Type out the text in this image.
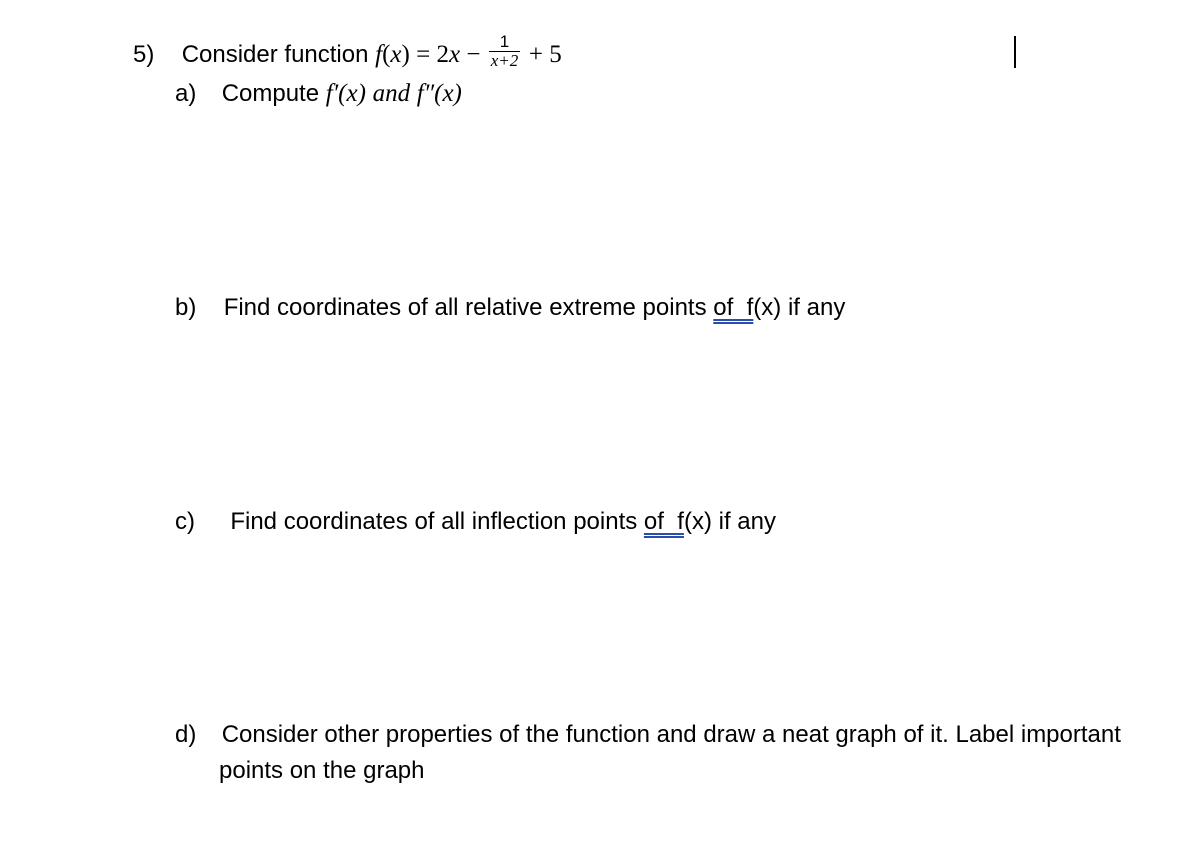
5) Consider function $f(x) = 2x - \frac{1}{x+2} + 5$
a) Compute f′(x) and f″(x)
b) Find coordinates of all relative extreme points of  f(x) if any
c) Find coordinates of all inflection points of  f(x) if any
d) Consider other properties of the function and draw a neat graph of it. Label important
points on the graph
